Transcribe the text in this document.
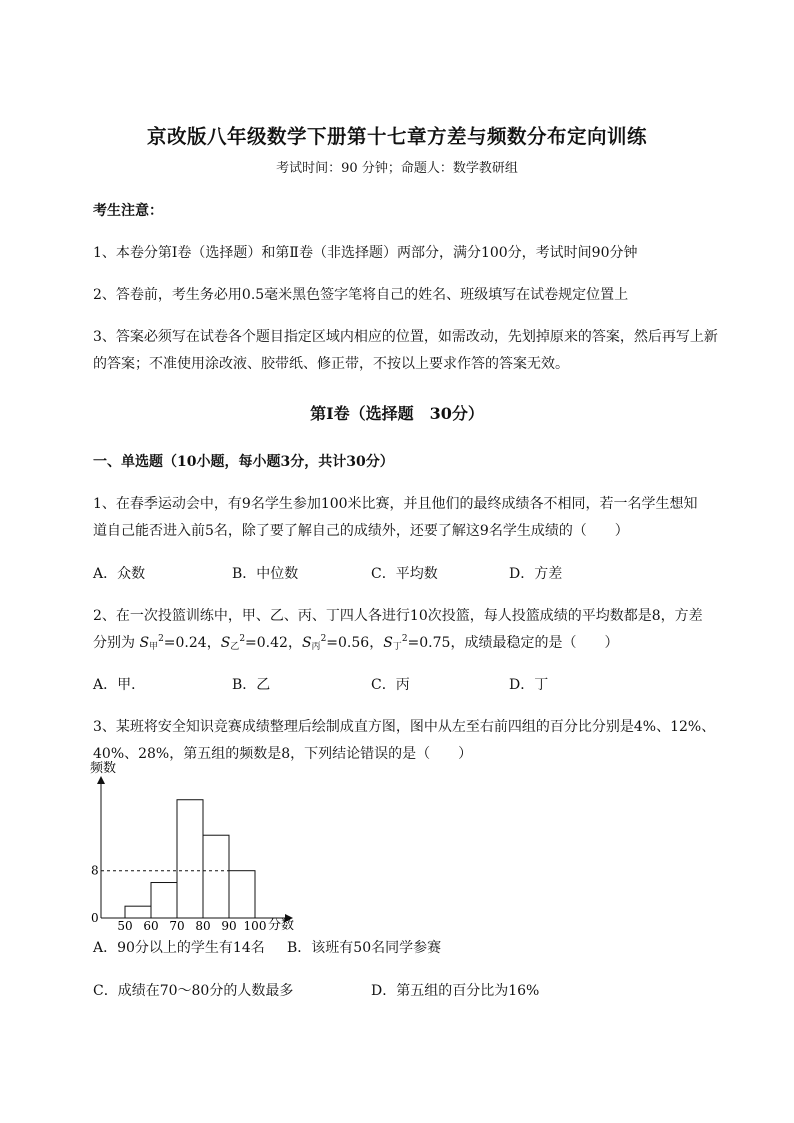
京改版八年级数学下册第十七章方差与频数分布定向训练
考试时间：90 分钟；命题人：数学教研组
考生注意：
1、本卷分第Ⅰ卷（选择题）和第Ⅱ卷（非选择题）两部分，满分100分，考试时间90分钟
2、答卷前，考生务必用0.5毫米黑色签字笔将自己的姓名、班级填写在试卷规定位置上
3、答案必须写在试卷各个题目指定区域内相应的位置，如需改动，先划掉原来的答案，然后再写上新
的答案；不准使用涂改液、胶带纸、修正带，不按以上要求作答的答案无效。
第Ⅰ卷（选择题　30分）
一、单选题（10小题，每小题3分，共计30分）
1、在春季运动会中，有9名学生参加100米比赛，并且他们的最终成绩各不相同，若一名学生想知
道自己能否进入前5名，除了要了解自己的成绩外，还要了解这9名学生成绩的（　　）
A．众数	B．中位数	C．平均数	D．方差
2、在一次投篮训练中，甲、乙、丙、丁四人各进行10次投篮，每人投篮成绩的平均数都是8，方差
分别为 S甲$^2$=0.24，S乙$^2$=0.42，S丙$^2$=0.56，S丁$^2$=0.75，成绩最稳定的是（　　）
A．甲．	B．乙	C．丙	D．丁
3、某班将安全知识竞赛成绩整理后绘制成直方图，图中从左至右前四组的百分比分别是4%、12%、
40%、28%，第五组的频数是8，下列结论错误的是（　　）
频数
0
8
50 60 70 80 90 100 分数
A．90分以上的学生有14名 B．该班有50名同学参赛
C．成绩在70～80分的人数最多	D．第五组的百分比为16%
